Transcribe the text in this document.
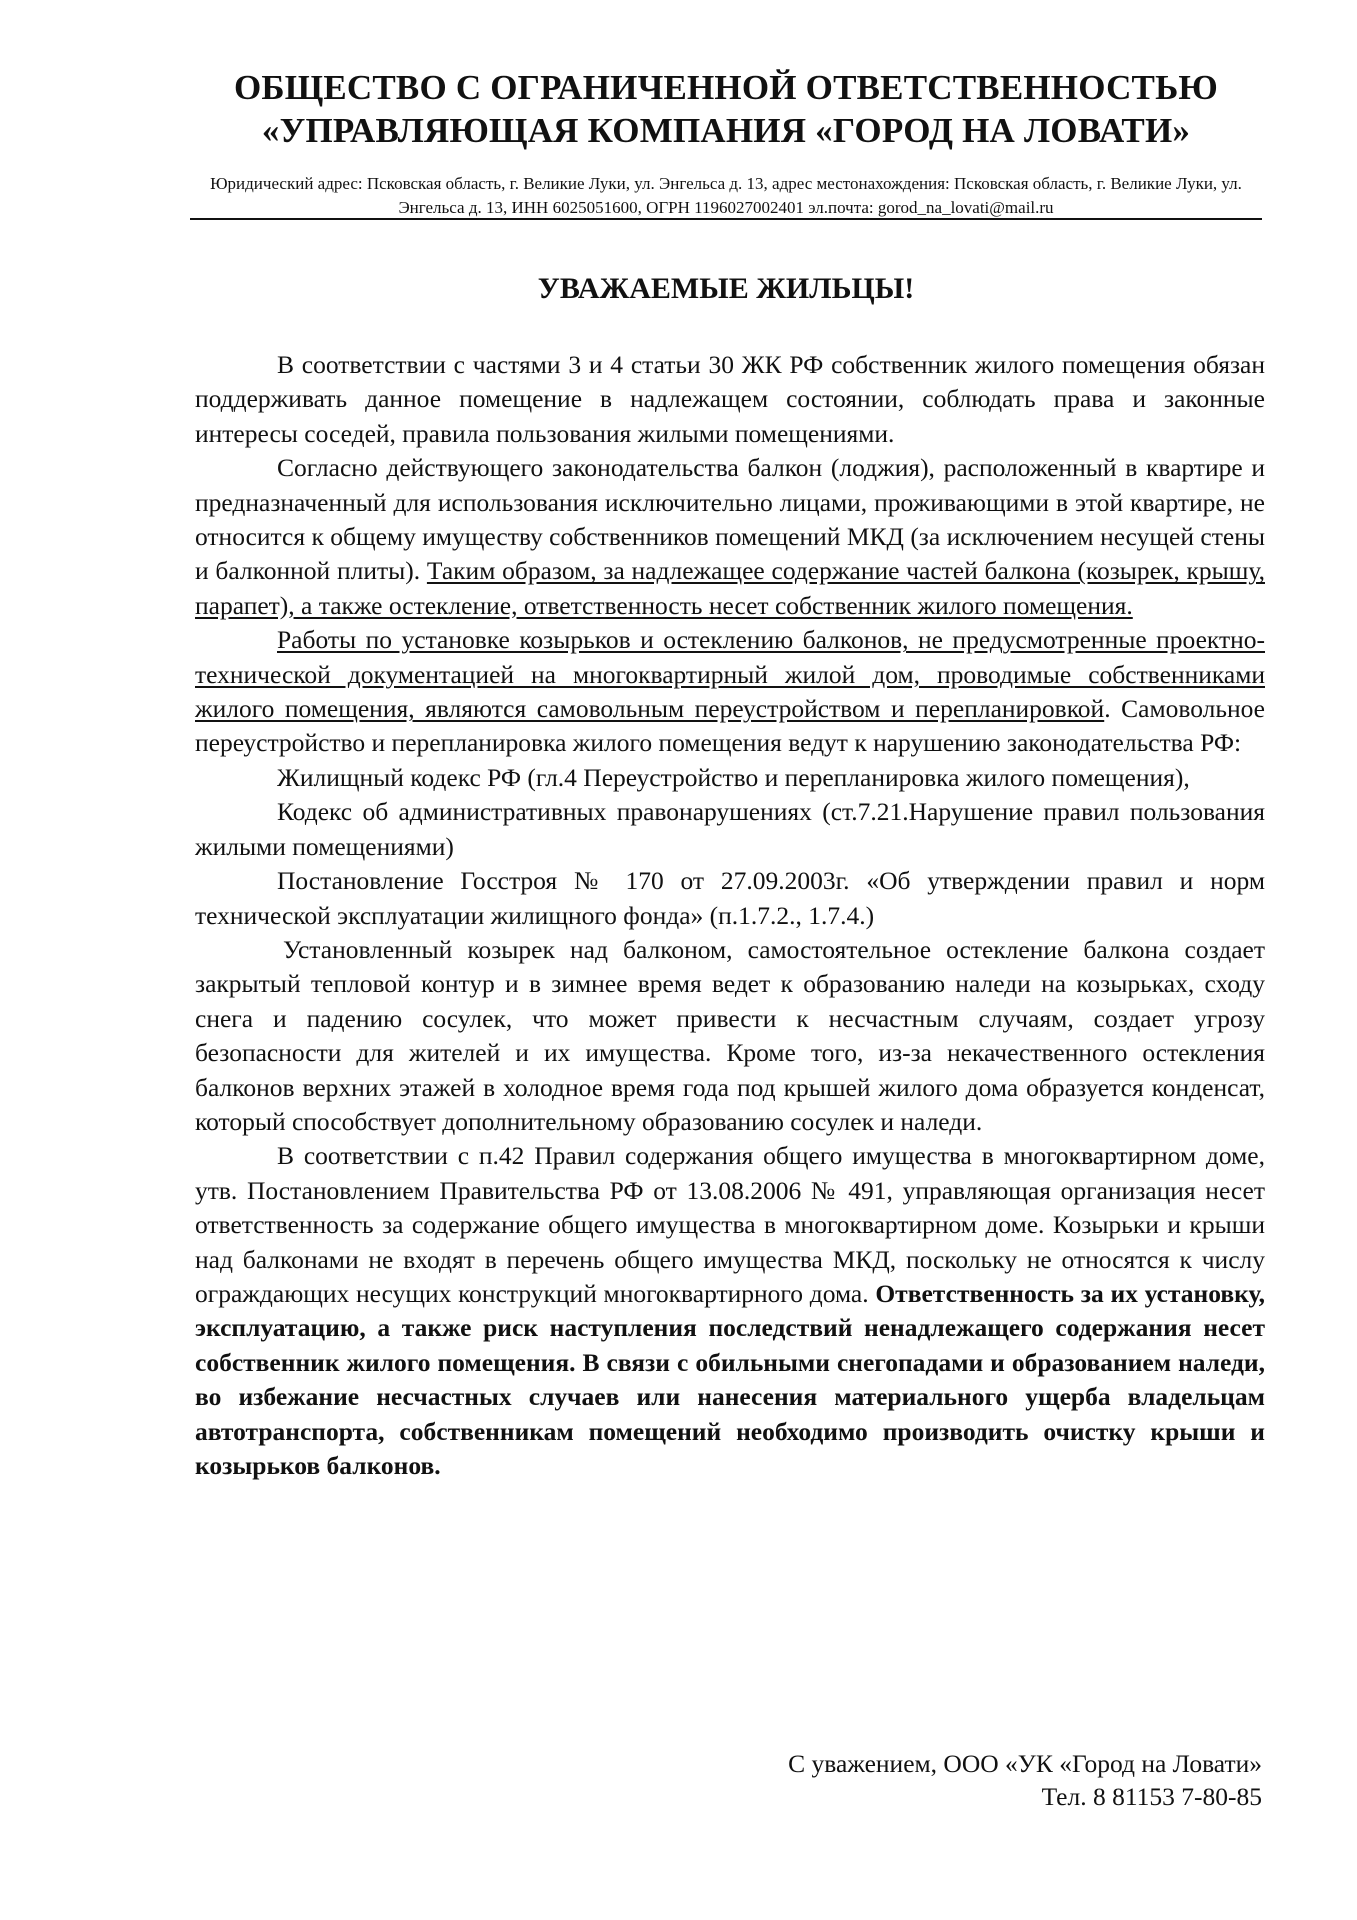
ОБЩЕСТВО С ОГРАНИЧЕННОЙ ОТВЕТСТВЕННОСТЬЮ

«УПРАВЛЯЮЩАЯ КОМПАНИЯ «ГОРОД НА ЛОВАТИ»

Юридический адрес: Псковская область, г. Великие Луки, ул. Энгельса д. 13, адрес местонахождения: Псковская область, г. Великие Луки, ул. Энгельса д. 13, ИНН 6025051600, ОГРН 1196027002401 эл.почта: gorod_na_lovati@mail.ru
УВАЖАЕМЫЕ ЖИЛЬЦЫ!

В соответствии с частями 3 и 4 статьи 30 ЖК РФ собственник жилого помещения обязан поддерживать данное помещение в надлежащем состоянии, соблюдать права и законные интересы соседей, правила пользования жилыми помещениями.

Согласно действующего законодательства балкон (лоджия), расположенный в квартире и предназначенный для использования исключительно лицами, проживающими в этой квартире, не относится к общему имуществу собственников помещений МКД (за исключением несущей стены и балконной плиты). Таким образом, за надлежащее содержание частей балкона (козырек, крышу, парапет), а также остекление, ответственность несет собственник жилого помещения.

Работы по установке козырьков и остеклению балконов, не предусмотренные проектно-технической документацией на многоквартирный жилой дом, проводимые собственниками жилого помещения, являются самовольным переустройством и перепланировкой. Самовольное переустройство и перепланировка жилого помещения ведут к нарушению законодательства РФ:

Жилищный кодекс РФ (гл.4 Переустройство и перепланировка жилого помещения),

Кодекс об административных правонарушениях (ст.7.21.Нарушение правил пользования жилыми помещениями)

Постановление Госстроя № 170 от 27.09.2003г. «Об утверждении правил и норм технической эксплуатации жилищного фонда» (п.1.7.2., 1.7.4.)

Установленный козырек над балконом, самостоятельное остекление балкона создает закрытый тепловой контур и в зимнее время ведет к образованию наледи на козырьках, сходу снега и падению сосулек, что может привести к несчастным случаям, создает угрозу безопасности для жителей и их имущества. Кроме того, из-за некачественного остекления балконов верхних этажей в холодное время года под крышей жилого дома образуется конденсат, который способствует дополнительному образованию сосулек и наледи.

В соответствии с п.42 Правил содержания общего имущества в многоквартирном доме, утв. Постановлением Правительства РФ от 13.08.2006 № 491, управляющая организация несет ответственность за содержание общего имущества в многоквартирном доме. Козырьки и крыши над балконами не входят в перечень общего имущества МКД, поскольку не относятся к числу ограждающих несущих конструкций многоквартирного дома. Ответственность за их установку, эксплуатацию, а также риск наступления последствий ненадлежащего содержания несет собственник жилого помещения. В связи с обильными снегопадами и образованием наледи, во избежание несчастных случаев или нанесения материального ущерба владельцам автотранспорта, собственникам помещений необходимо производить очистку крыши и козырьков балконов.

С уважением, ООО «УК «Город на Ловати»
Тел. 8 81153 7-80-85
